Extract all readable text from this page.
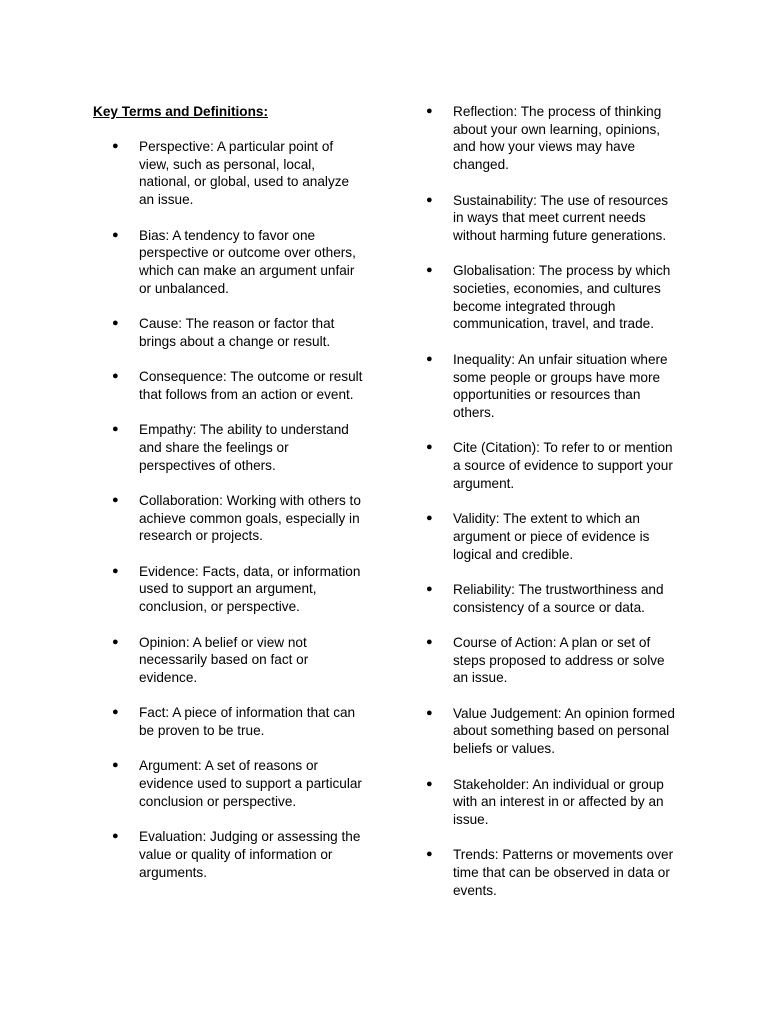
Key Terms and Definitions:
● Perspective: A particular point of view, such as personal, local, national, or global, used to analyze an issue.
● Bias: A tendency to favor one perspective or outcome over others, which can make an argument unfair or unbalanced.
● Cause: The reason or factor that brings about a change or result.
● Consequence: The outcome or result that follows from an action or event.
● Empathy: The ability to understand and share the feelings or perspectives of others.
● Collaboration: Working with others to achieve common goals, especially in research or projects.
● Evidence: Facts, data, or information used to support an argument, conclusion, or perspective.
● Opinion: A belief or view not necessarily based on fact or evidence.
● Fact: A piece of information that can be proven to be true.
● Argument: A set of reasons or evidence used to support a particular conclusion or perspective.
● Evaluation: Judging or assessing the value or quality of information or arguments.
● Reflection: The process of thinking about your own learning, opinions, and how your views may have changed.
● Sustainability: The use of resources in ways that meet current needs without harming future generations.
● Globalisation: The process by which societies, economies, and cultures become integrated through communication, travel, and trade.
● Inequality: An unfair situation where some people or groups have more opportunities or resources than others.
● Cite (Citation): To refer to or mention a source of evidence to support your argument.
● Validity: The extent to which an argument or piece of evidence is logical and credible.
● Reliability: The trustworthiness and consistency of a source or data.
● Course of Action: A plan or set of steps proposed to address or solve an issue.
● Value Judgement: An opinion formed about something based on personal beliefs or values.
● Stakeholder: An individual or group with an interest in or affected by an issue.
● Trends: Patterns or movements over time that can be observed in data or events.
